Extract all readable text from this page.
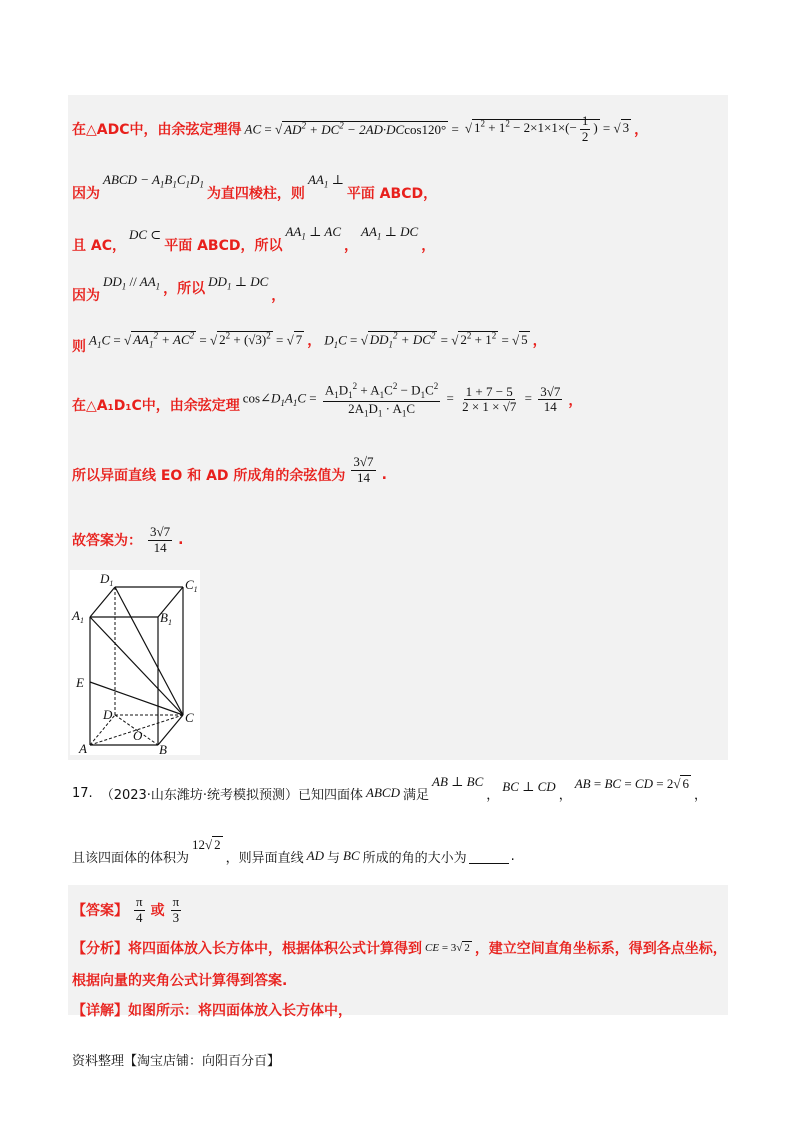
在△ADC中，由余弦定理得 AC = √ $AD^2 + DC^2 - 2AD\cdot DCcos120^\circ$ = √ $1^2 + 1^2 - 2\times 1\times 1\times(- \frac{1}{2}$ ) = √ 3 ，
因为
ABCD − $A_1B_1C_1D_1$
为直四棱柱，则
$AA_1$ ⊥
平面 ABCD，
且 AC，
DC ⊂
平面 ABCD，所以
$AA_1$ ⊥ AC
，
$AA_1$ ⊥ DC
，
因为
$DD_1 // AA_1$ ，所以 $DD_1$ ⊥ DC
，
则 $A_1C$ = √ $AA_1^2 + AC^2$ = √ $2^2 + (√3)^2$ = √ 7 ， $D_1C$ = √ $DD_1^2 + DC^2$ = √ $2^2 + 1^2$ = √ 5 ，
在△A₁D₁C中，由余弦定理 $\cos\angle D_1A_1C = \frac{A_1D_1^2 + A_1C^2 - D_1C^2}{2A_1D_1 \cdot A_1C} = \frac{1 + 7 - 5}{2 \times 1 \times √7} = \frac{3√7}{14}$ ，
所以异面直线 EO 和 AD 所成角的余弦值为 $\frac{3√7}{14}$ .
故答案为： $\frac{3√7}{14}$ .
$D_1$	$C_1$
$A_1$	$B_1$
E
D	C
O
A	B
17. （2023·山东潍坊·统考模拟预测）已知四面体 ABCD 满足
AB ⊥ BC
，
BC ⊥ CD
，
AB = BC = CD = 2√ 6
，
且该四面体的体积为
12√ 2
，则异面直线 AD 与 BC 所成的角的大小为	.
【答案】 $\frac{\pi}{4}$ 或 $\frac{\pi}{3}$
【分析】 将四面体放入长方体中，根据体积公式计算得到 CE = 3√ 2 ，建立空间直角坐标系，得到各点坐标，
根据向量的夹角公式计算得到答案.
【详解】 如图所示：将四面体放入长方体中，
资料整理【淘宝店铺：向阳百分百】
